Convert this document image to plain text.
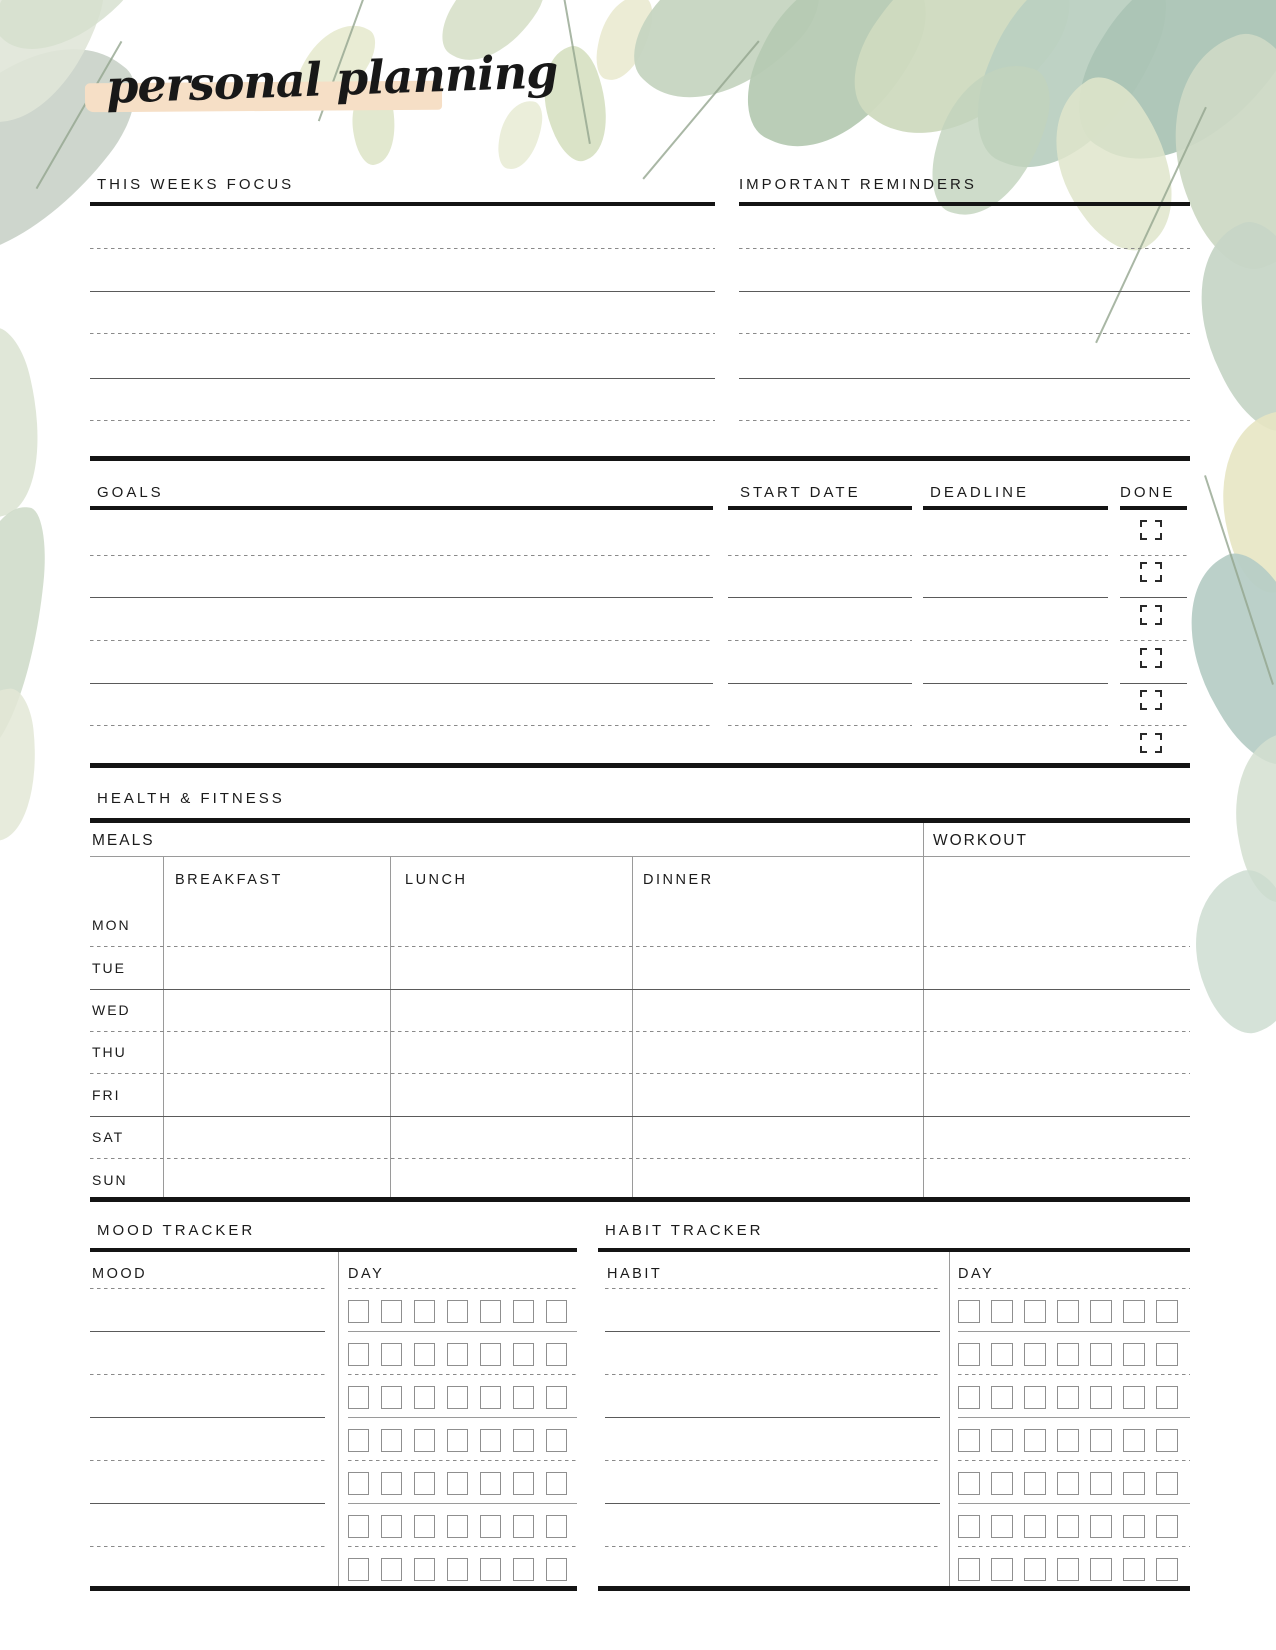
personal planning
THIS WEEKS FOCUS	IMPORTANT REMINDERS
GOALS	START DATE	DEADLINE	DONE
HEALTH & FITNESS
MEALS	WORKOUT
BREAKFAST	LUNCH	DINNER
MOOD TRACKER	HABIT TRACKER
MOOD	DAY	HABIT	DAY
MON
TUE
WED
THU
FRI
SAT
SUN
